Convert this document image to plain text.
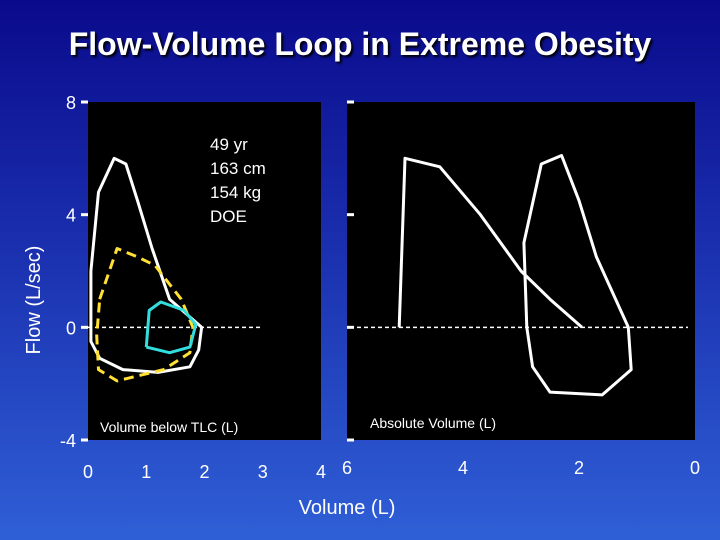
Flow-Volume Loop in Extreme Obesity
8
4
0
-4
0	1	2	3	4 6	4	2	0
Flow (L/sec)
49 yr
163 cm
154 kg
DOE
Volume below TLC (L)	Absolute Volume (L)
Volume (L)
